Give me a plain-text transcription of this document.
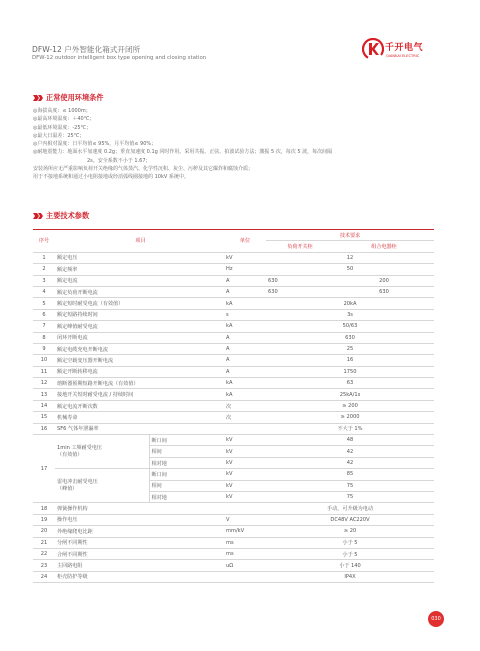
DFW-12 户外智能化箱式开闭所
DFW-12 outdoor intelligent box type opening and closing station
千开电气
QIANKAI ELECTRIC
正常使用环境条件
◎海拔高度：≤ 1000m；
◎最高环境温度：＋40℃；
◎最低环境温度：-25℃；
◎最大日温差：25℃；
◎户内相对湿度：日平均值≤ 95%，月平均值≤ 90%；
◎耐地震能力：地面水平加速度 0.2g；垂直加速度 0.1g 同时作用。采用共振、正弦、拍波试验方法；激振 5 次，每次 5 波，每次间隔
2s。安全系数不小于 1.67；
安装场所应无严重影响负荷开关绝缘的气体蒸汽、化学性沉积、灰尘、污秽及其它爆炸和腐蚀介质；
用于不接地系统和通过小电阻接地或经消弧线圈接地的 10kV 系统中。
主要技术参数
序号	项目		单位	技术要求	
				负荷开关柜	组合电器柜
1	额定电压		kV	12	
2	额定频率		Hz	50	
3	额定电流		A	630	200
4	额定负荷开断电流		A	630	630
5	额定短时耐受电流（有效值）		kA	20kA	
6	额定短路持续时间		s	3s	
7	额定峰值耐受电流		kA	50/63	
8	闭环开断电流		A	630	
9	额定电缆充电开断电流		A	25	
10	额定空载变压器开断电流		A	16	
11	额定开断转移电流		A	1750	
12	熔断器预期短路开断电流（有效值）		kA	63	
13	接地开关短时耐受电流 / 持续时间		kA	25kA/1s	
14	额定电流开断次数		次	≥ 200	
15	机械寿命		次	≥ 2000	
16	SF6 气体年泄漏率			不大于 1%	
17	1min 工频耐受电压
（有效值）	断口间	kV	48	
		相间	kV	42	
		相对地	kV	42	

	雷电冲击耐受电压
（峰值）	断口间	kV	85	
		相间	kV	75	
		相对地	kV	75	
18	弹簧操作机构			手动，可升级为电动	
19	操作电压		V	DC48V AC220V	
20	外绝缘爬电比距		mm/kV	≥ 20	
21	分闸不同期性		ms	小于 5	
22	合闸不同期性		ms	小于 5	
23	主回路电阻		uΩ	小于 140	
24	柜壳防护等级			IP4X	
030
